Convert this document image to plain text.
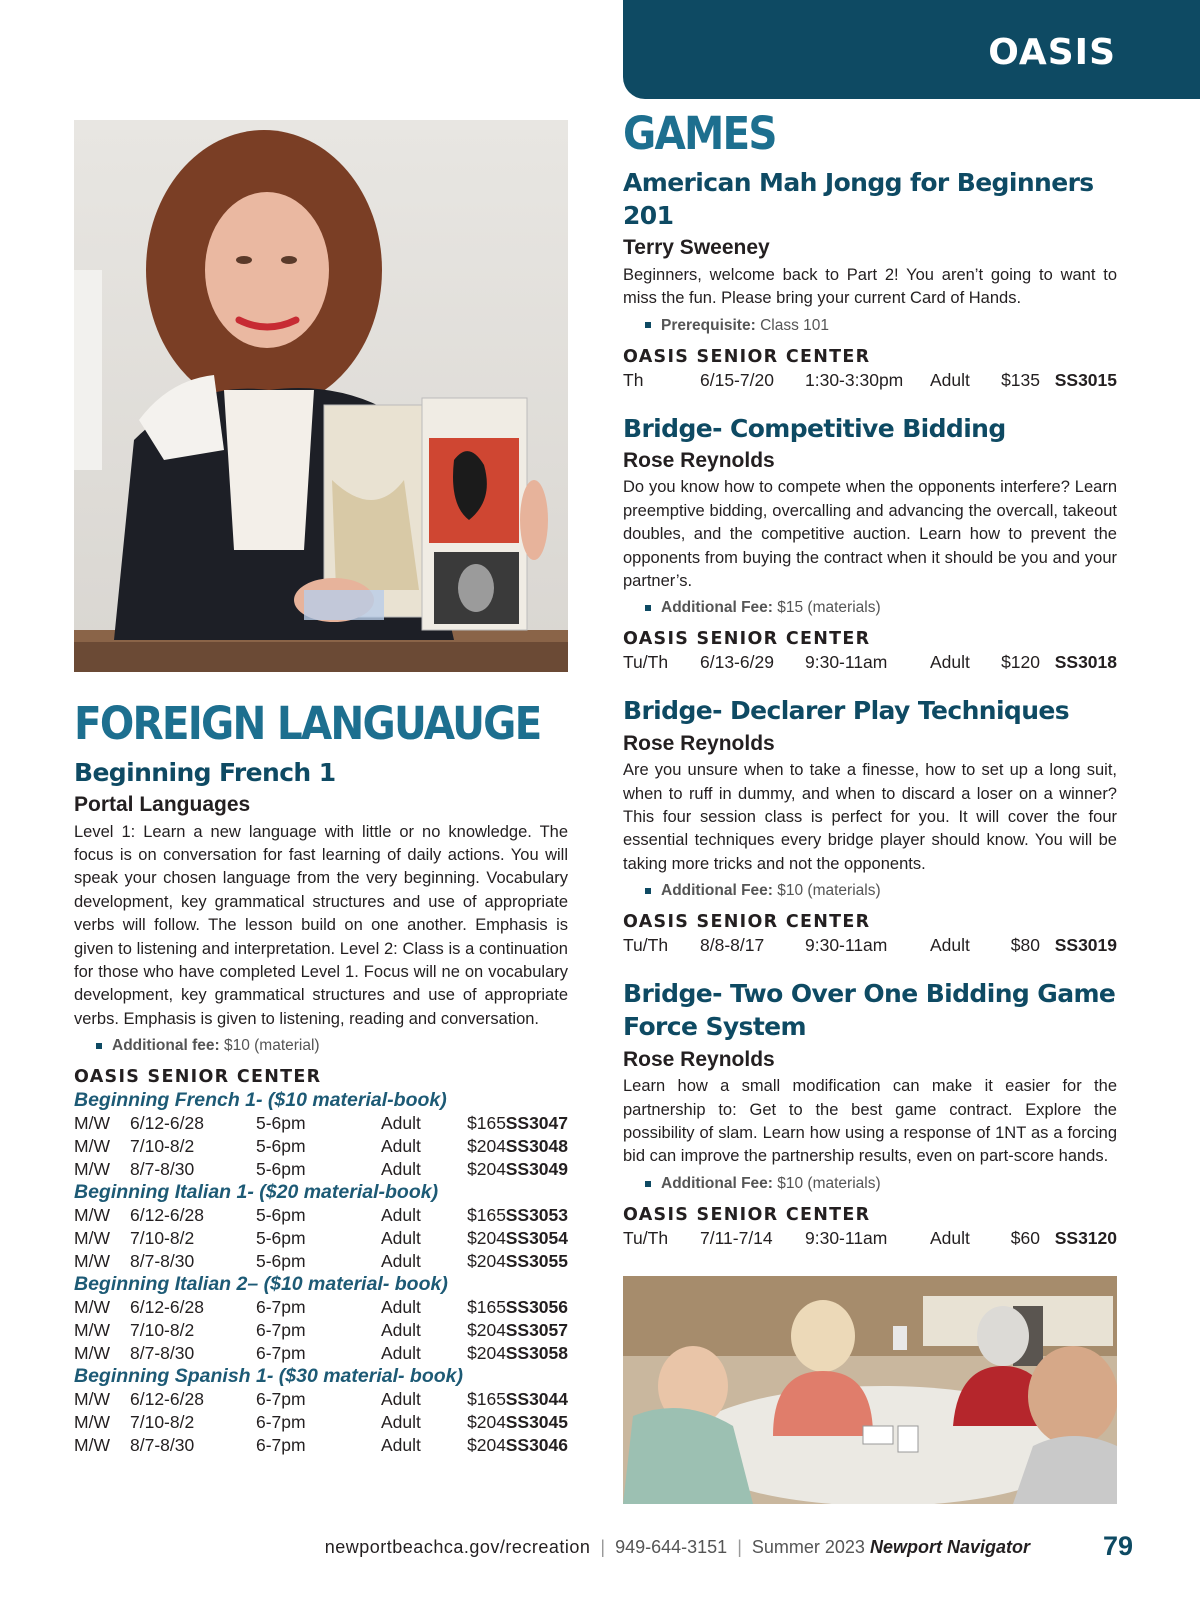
OASIS
FOREIGN LANGUAUGE
Beginning French 1

Portal Languages

Level 1: Learn a new language with little or no knowledge. The focus is on conversation for fast learning of daily actions. You will speak your chosen language from the very beginning. Vocabulary development, key grammatical structures and use of appropriate verbs will follow. The lesson build on one another. Emphasis is given to listening and interpretation. Level 2: Class is a continuation for those who have completed Level 1. Focus will ne on vocabulary development, key grammatical structures and use of appropriate verbs. Emphasis is given to listening, reading and conversation.

Additional fee: $10 (material)

OASIS SENIOR CENTER

Beginning French 1- ($10 material-book)

M/W 6/12-6/28	5-6pm	Adult	$165 SS3047
M/W 7/10-8/2	5-6pm	Adult	$204 SS3048
M/W 8/7-8/30	5-6pm	Adult	$204 SS3049

Beginning Italian 1- ($20 material-book)

M/W 6/12-6/28	5-6pm	Adult	$165 SS3053
M/W 7/10-8/2	5-6pm	Adult	$204 SS3054
M/W 8/7-8/30	5-6pm	Adult	$204 SS3055

Beginning Italian 2– ($10 material- book)

M/W 6/12-6/28	6-7pm	Adult	$165 SS3056
M/W 7/10-8/2	6-7pm	Adult	$204 SS3057
M/W 8/7-8/30	6-7pm	Adult	$204 SS3058

Beginning Spanish 1- ($30 material- book)

M/W 6/12-6/28	6-7pm	Adult	$165 SS3044
M/W 7/10-8/2	6-7pm	Adult	$204 SS3045
M/W 8/7-8/30	6-7pm	Adult	$204 SS3046
GAMES
American Mah Jongg for Beginners 201

Terry Sweeney

Beginners, welcome back to Part 2! You aren’t going to want to miss the fun. Please bring your current Card of Hands.

Prerequisite: Class 101

OASIS SENIOR CENTER

Th	6/15-7/20 1:30-3:30pm Adult $135 SS3015
Bridge- Competitive Bidding

Rose Reynolds

Do you know how to compete when the opponents interfere? Learn preemptive bidding, overcalling and advancing the overcall, takeout doubles, and the competitive auction. Learn how to prevent the opponents from buying the contract when it should be you and your partner’s.

Additional Fee: $15 (materials)

OASIS SENIOR CENTER

Tu/Th 6/13-6/29 9:30-11am Adult $120 SS3018
Bridge- Declarer Play Techniques

Rose Reynolds

Are you unsure when to take a finesse, how to set up a long suit, when to ruff in dummy, and when to discard a loser on a winner? This four session class is perfect for you. It will cover the four essential techniques every bridge player should know. You will be taking more tricks and not the opponents.

Additional Fee: $10 (materials)

OASIS SENIOR CENTER

Tu/Th 8/8-8/17 9:30-11am Adult $80 SS3019
Bridge- Two Over One Bidding Game Force System

Rose Reynolds

Learn how a small modification can make it easier for the partnership to: Get to the best game contract. Explore the possibility of slam. Learn how using a response of 1NT as a forcing bid can improve the partnership results, even on part-score hands.

Additional Fee: $10 (materials)

OASIS SENIOR CENTER

Tu/Th 7/11-7/14 9:30-11am Adult $60 SS3120
newportbeachca.gov/recreation | 949-644-3151 | Summer 2023 Newport Navigator	79
